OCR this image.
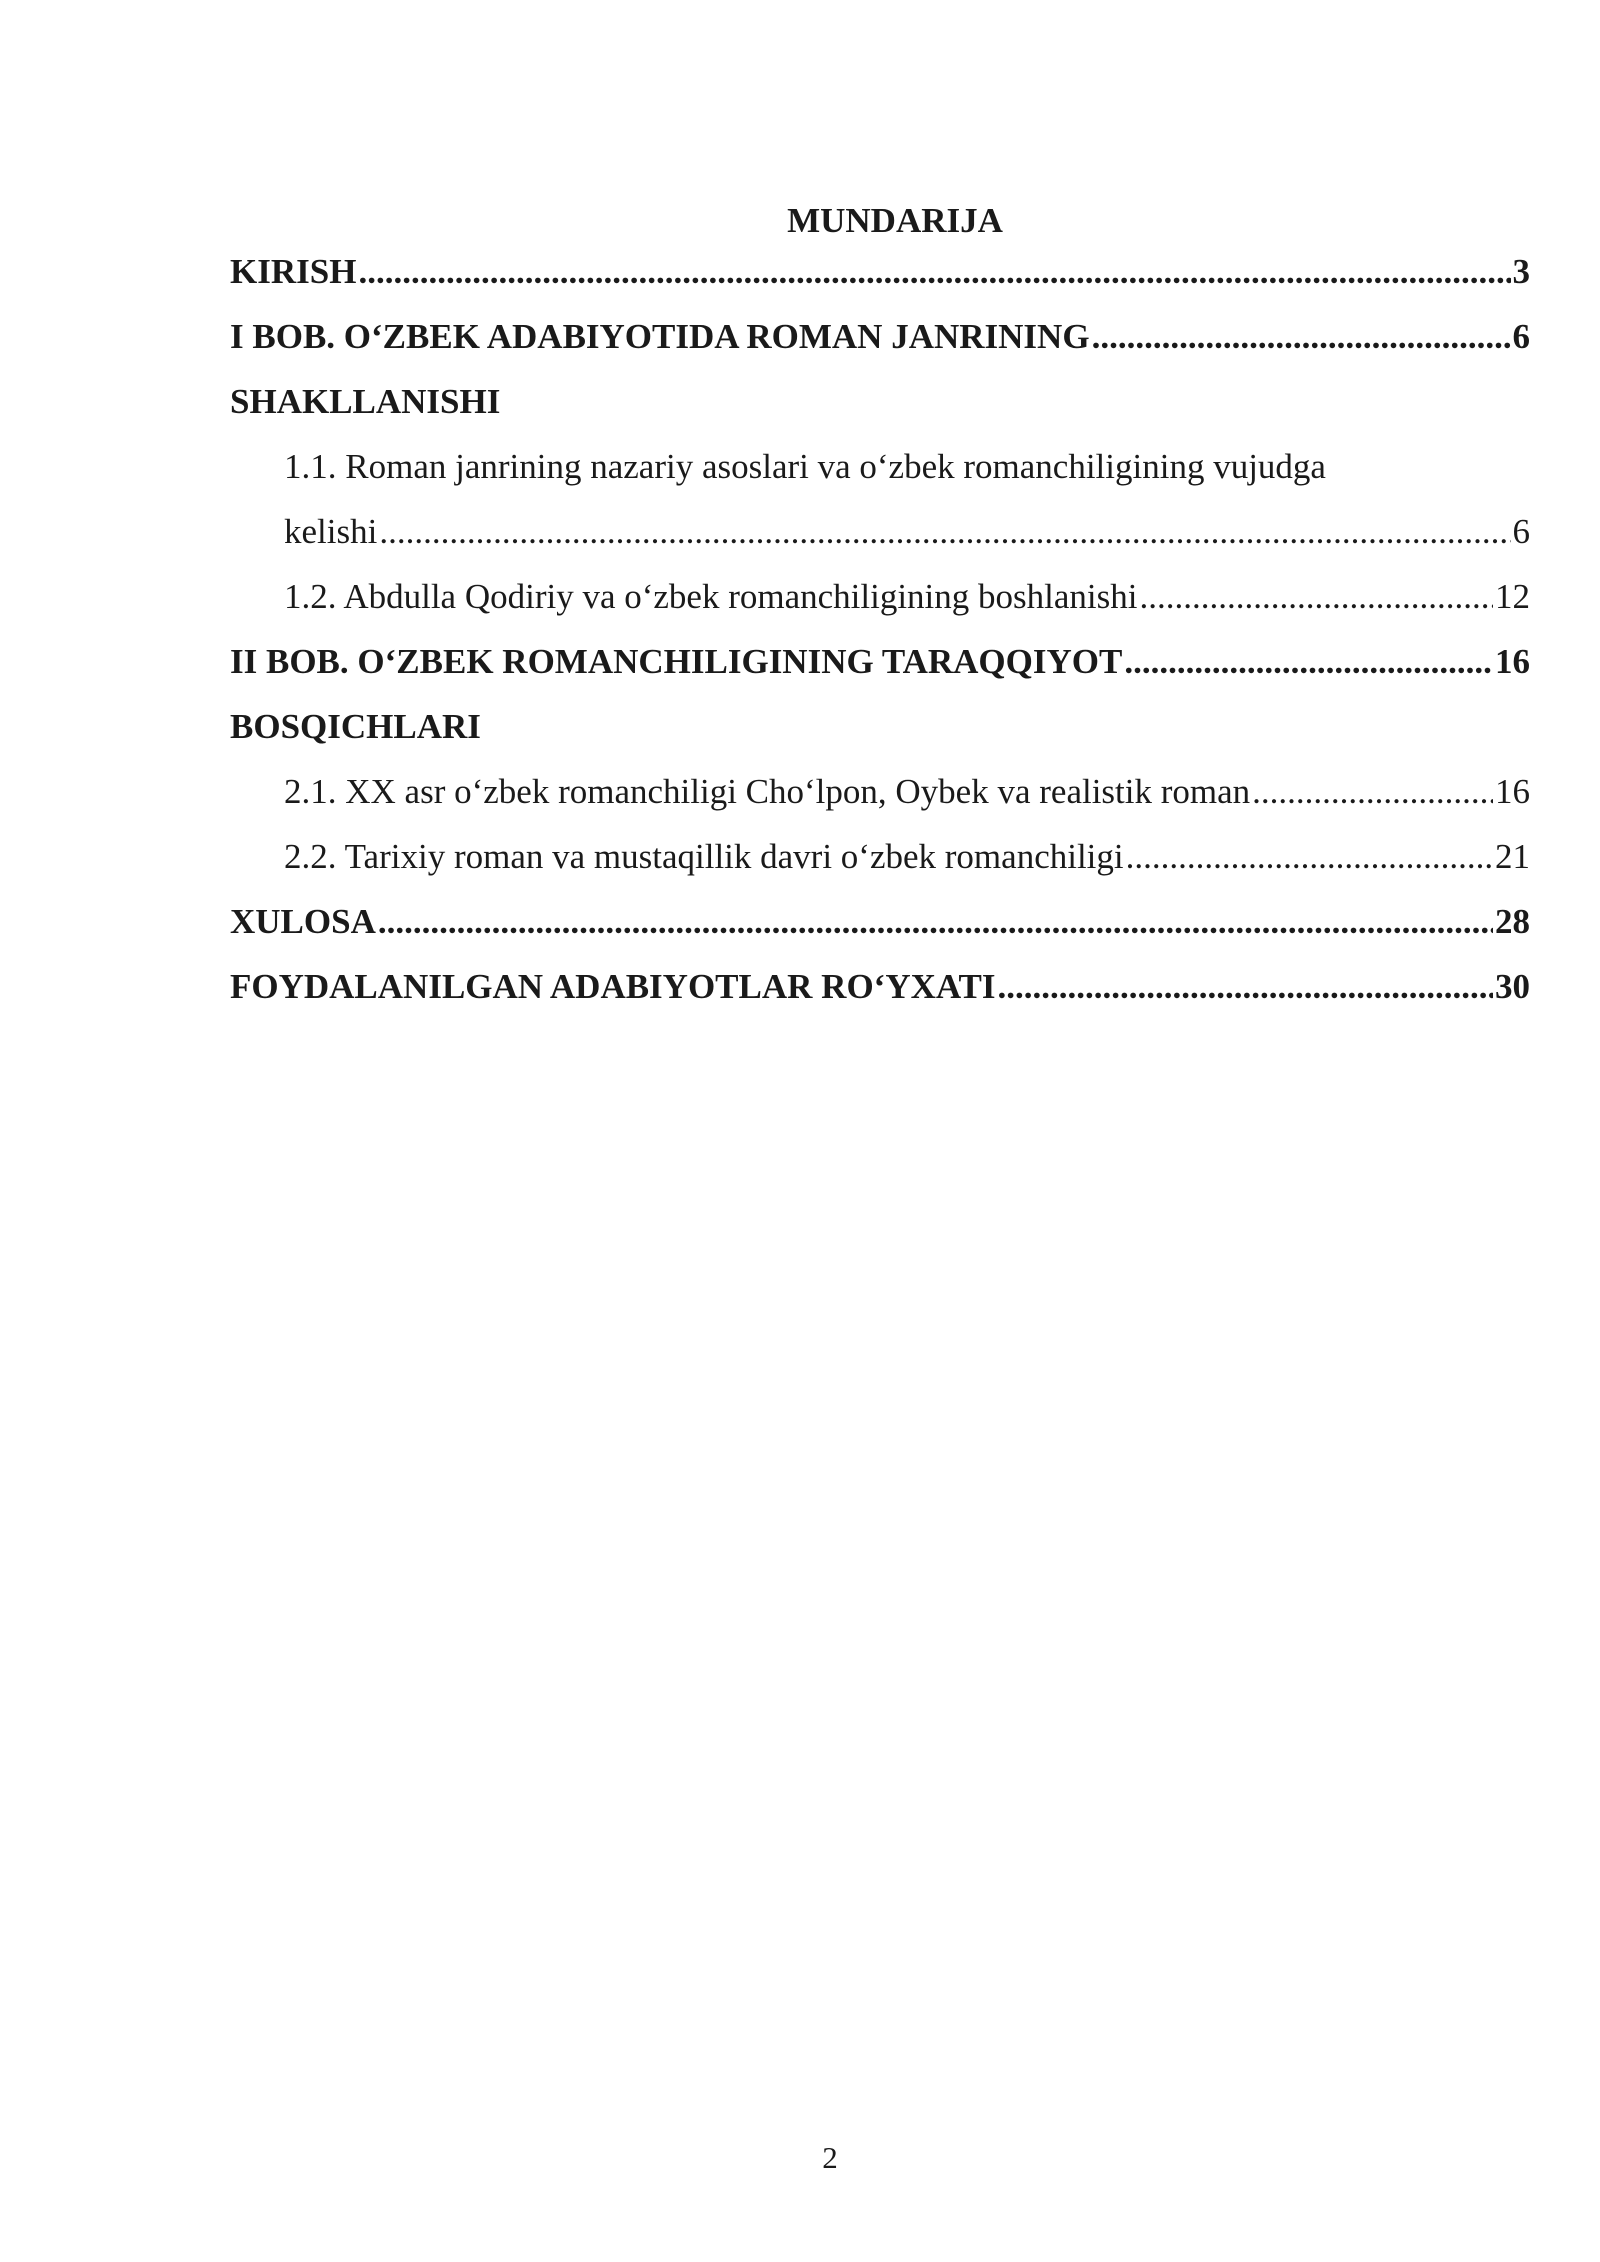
MUNDARIJA
KIRISH .....	3
I BOB. O‘ZBEK ADABIYOTIDA ROMAN JANRINING .....	6
SHAKLLANISHI
1.1. Roman janrining nazariy asoslari va o‘zbek romanchiligining vujudga
kelishi .....	6
1.2. Abdulla Qodiriy va o‘zbek romanchiligining boshlanishi .....	12
II BOB. O‘ZBEK ROMANCHILIGINING TARAQQIYOT .....	16
BOSQICHLARI
2.1. XX asr o‘zbek romanchiligi Cho‘lpon, Oybek va realistik roman .....	16
2.2. Tarixiy roman va mustaqillik davri o‘zbek romanchiligi .....	21
XULOSA .....	28
FOYDALANILGAN ADABIYOTLAR RO‘YXATI .....	30
2
